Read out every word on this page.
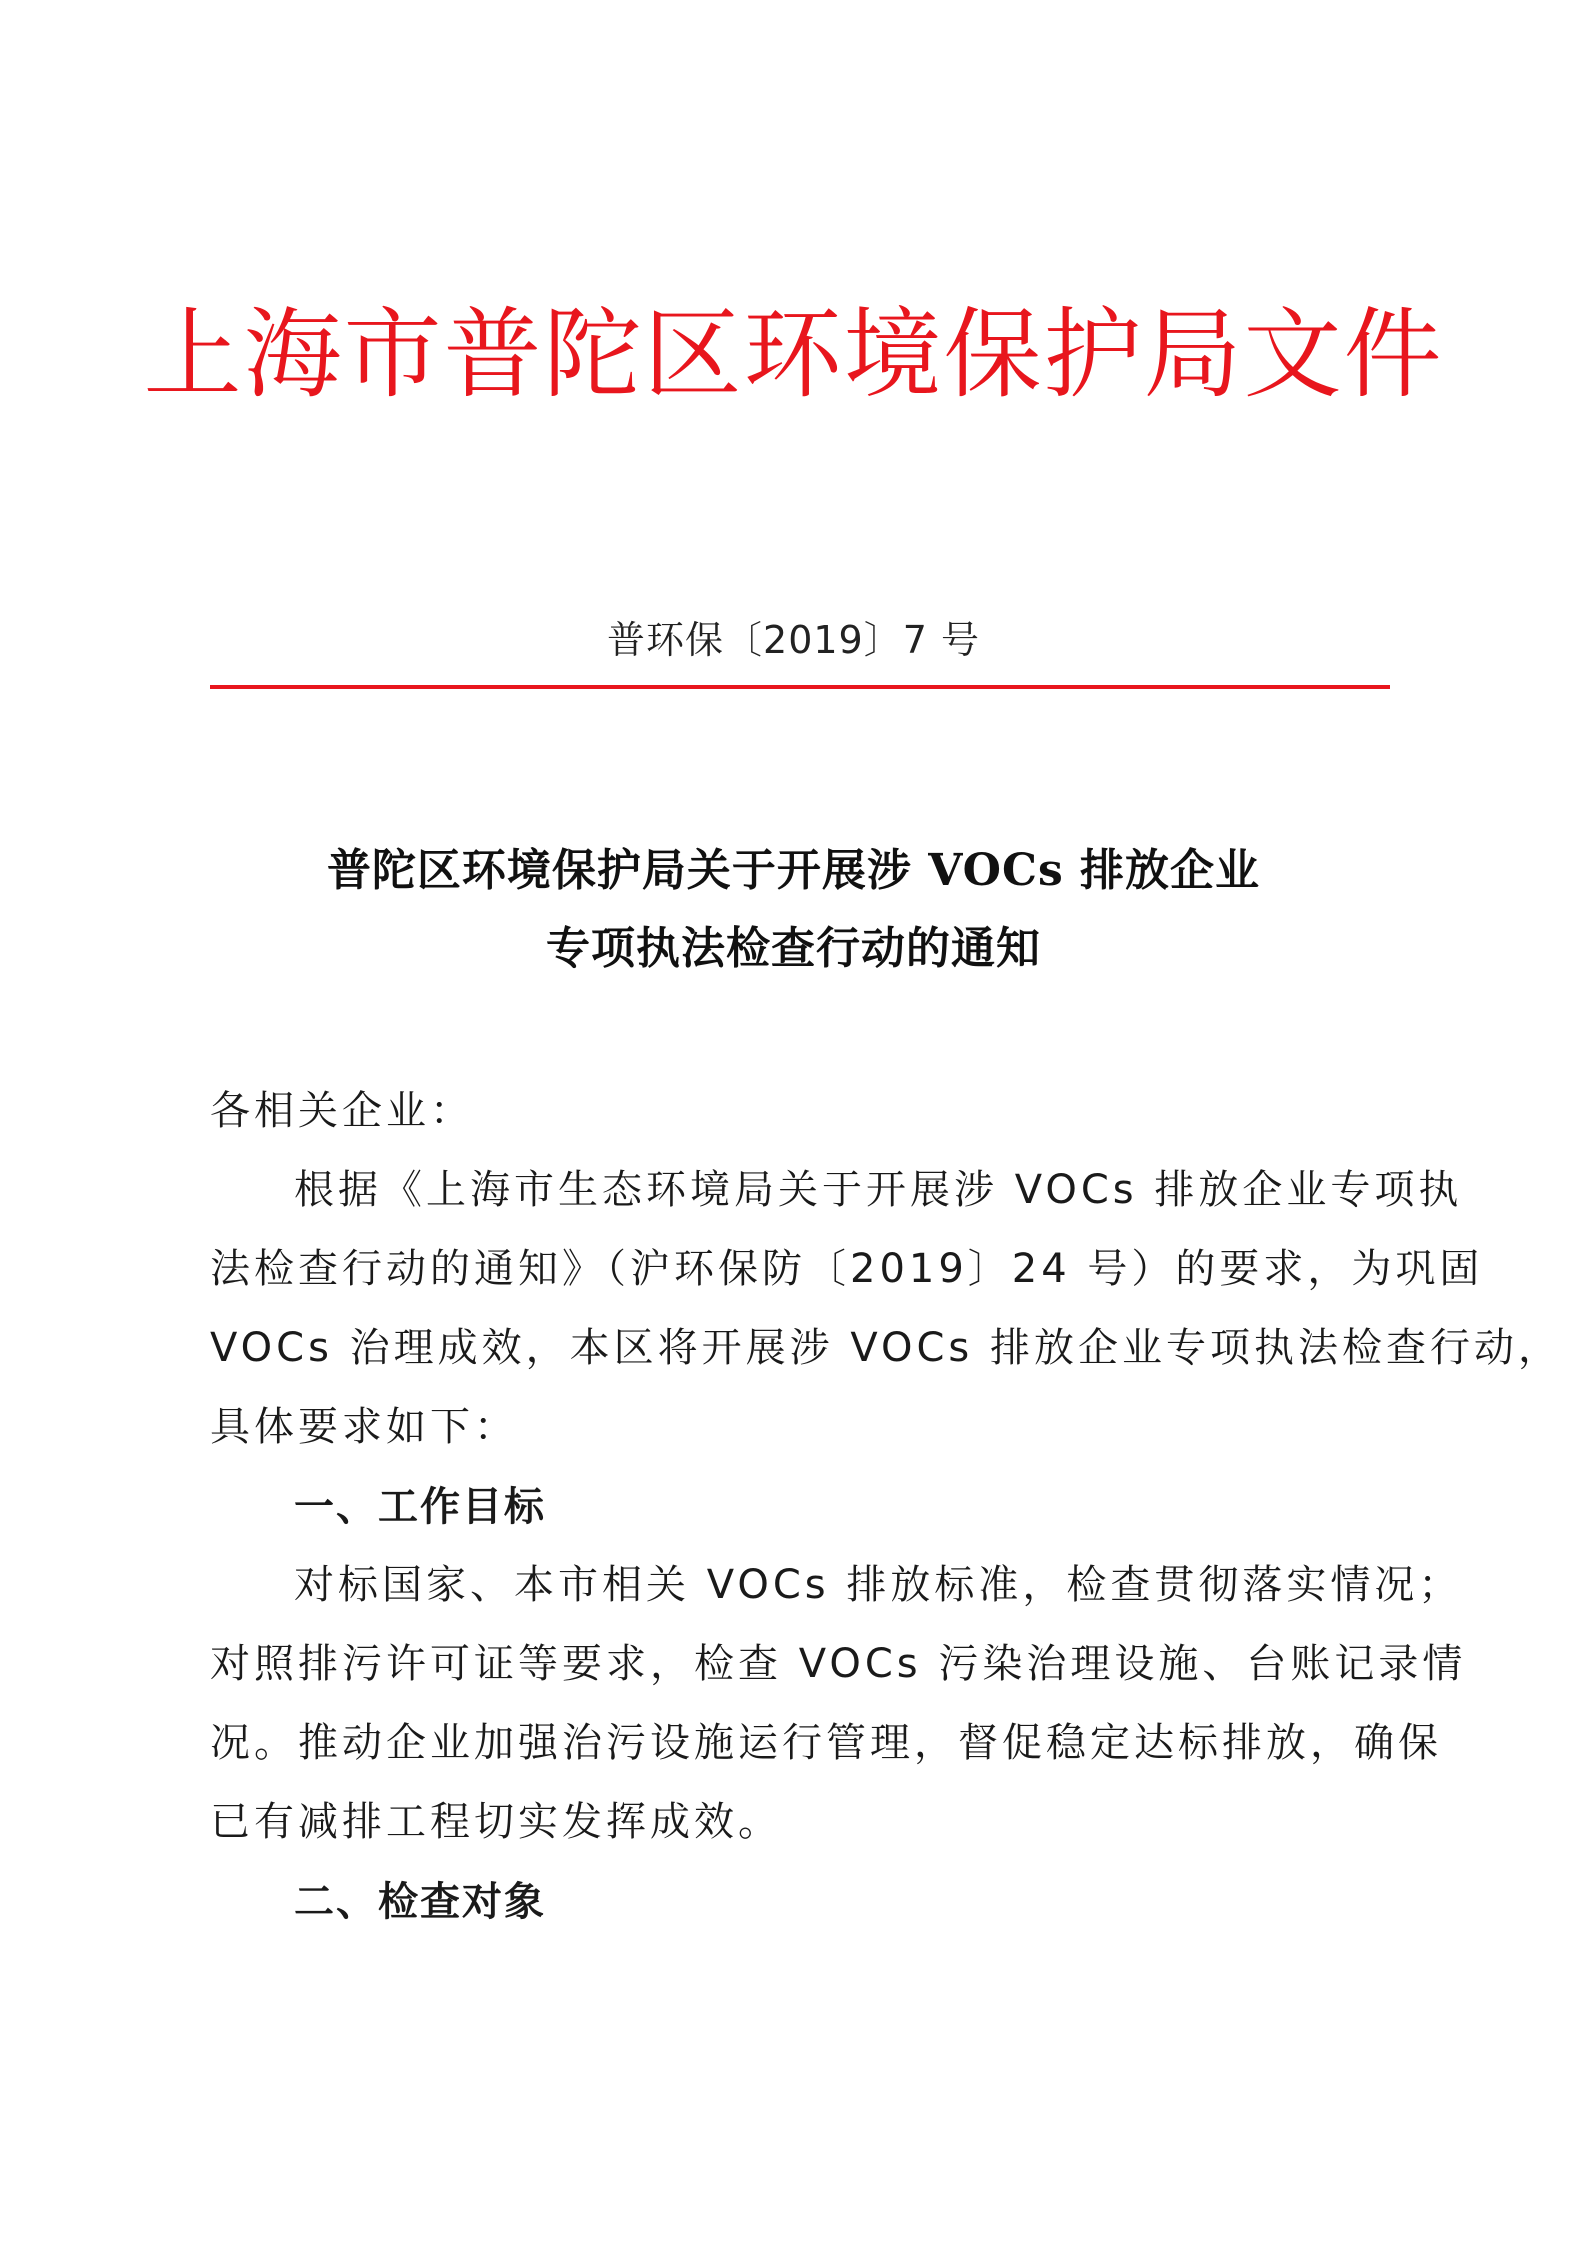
上海市普陀区环境保护局文件
普环保〔2019〕7 号
普陀区环境保护局关于开展涉 VOCs 排放企业
专项执法检查行动的通知
各相关企业：
根据《上海市生态环境局关于开展涉 VOCs 排放企业专项执
法检查行动的通知》（沪环保防〔2019〕24 号）的要求，为巩固
VOCs 治理成效，本区将开展涉 VOCs 排放企业专项执法检查行动，
具体要求如下：
一、工作目标
对标国家、本市相关 VOCs 排放标准，检查贯彻落实情况；
对照排污许可证等要求，检查 VOCs 污染治理设施、台账记录情
况。推动企业加强治污设施运行管理，督促稳定达标排放，确保
已有减排工程切实发挥成效。
二、检查对象
